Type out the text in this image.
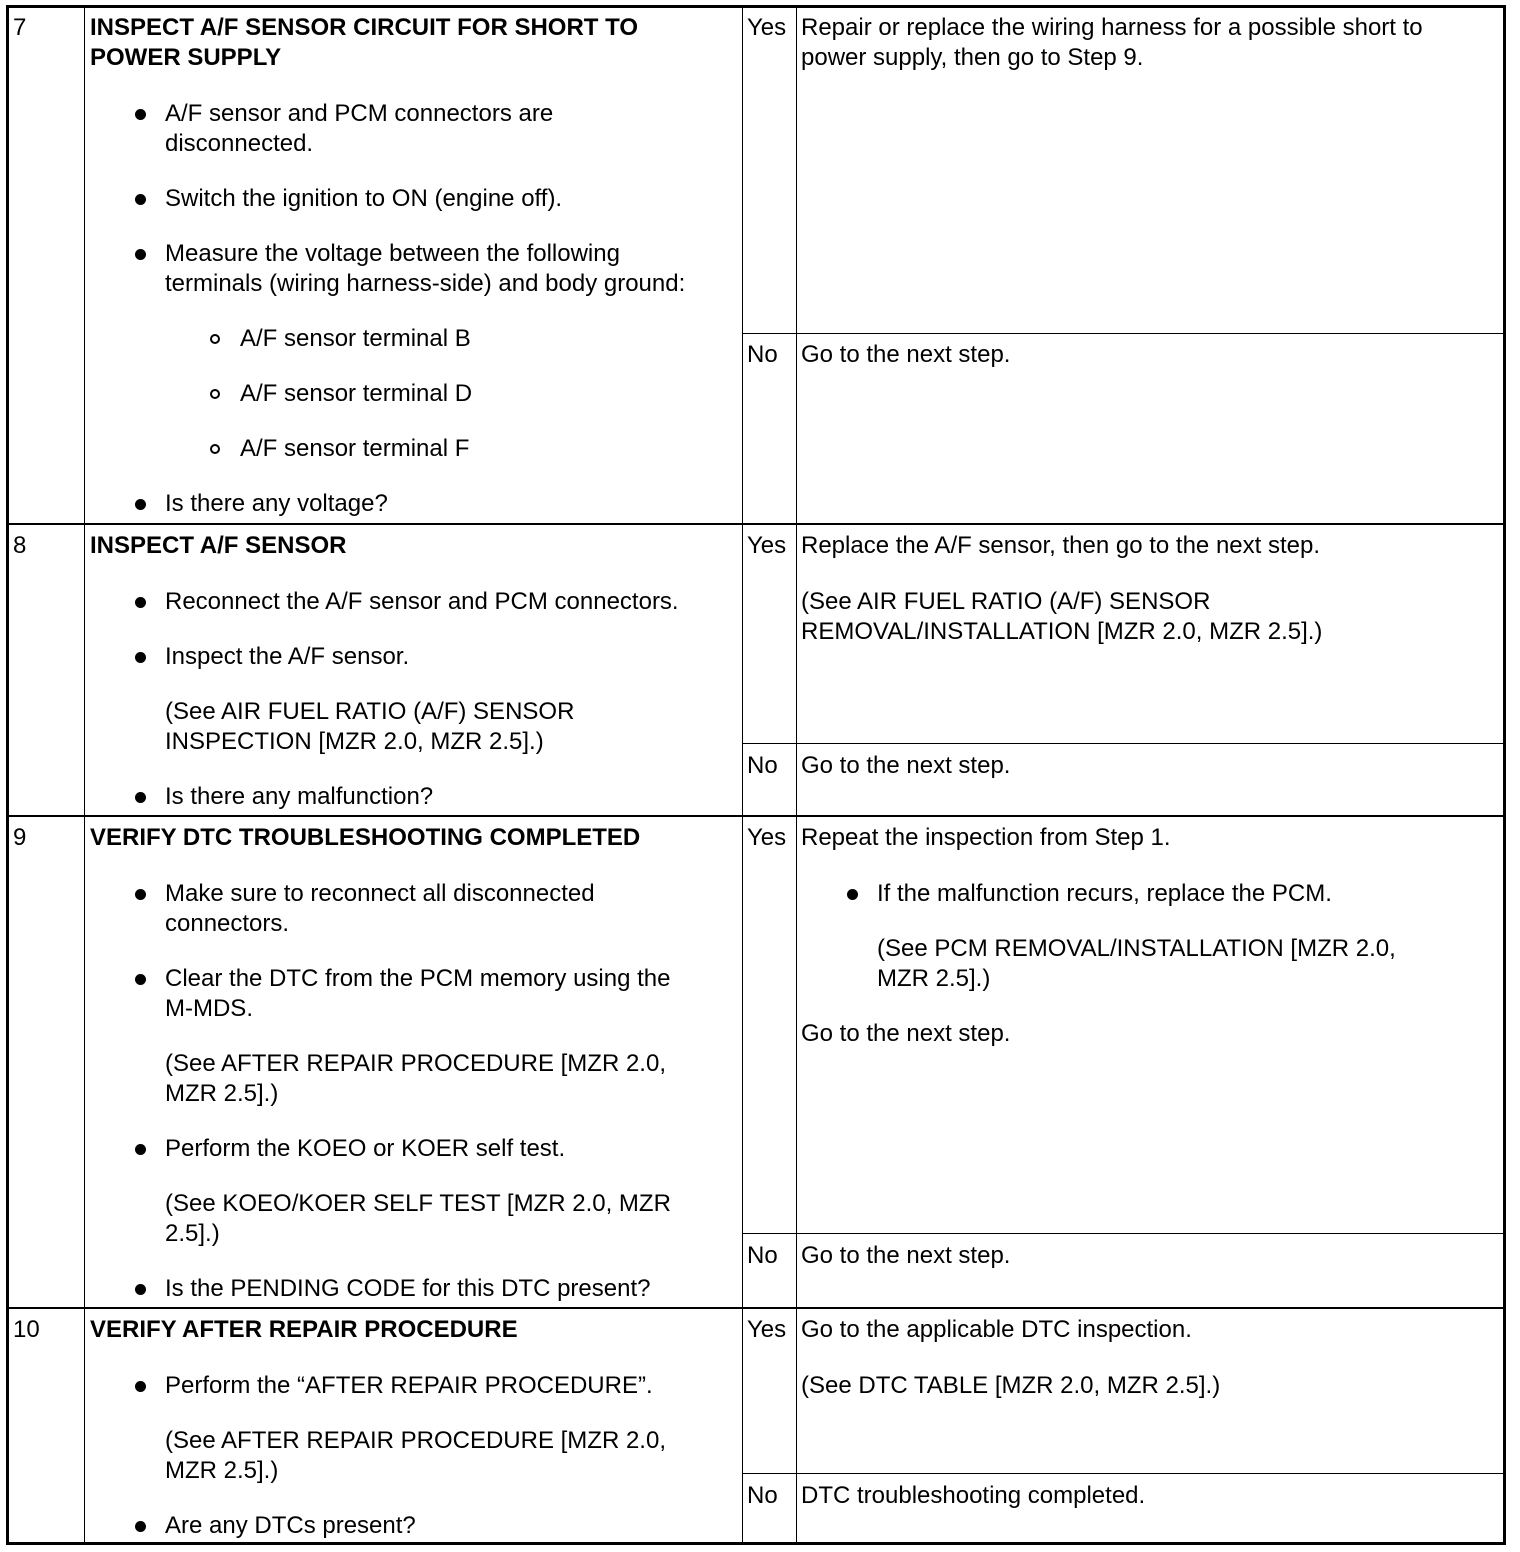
7	INSPECT A/F SENSOR CIRCUIT FOR SHORT TO
POWER SUPPLY
A/F sensor and PCM connectors are
disconnected.
Switch the ignition to ON (engine off).
Measure the voltage between the following
terminals (wiring harness-side) and body ground:
A/F sensor terminal B
A/F sensor terminal D
A/F sensor terminal F
Is there any voltage?
Yes Repair or replace the wiring harness for a possible short to
power supply, then go to Step 9.
No Go to the next step.
8	INSPECT A/F SENSOR
Reconnect the A/F sensor and PCM connectors.
Inspect the A/F sensor.
(See AIR FUEL RATIO (A/F) SENSOR
INSPECTION [MZR 2.0, MZR 2.5].)
Is there any malfunction?
Yes Replace the A/F sensor, then go to the next step.
(See AIR FUEL RATIO (A/F) SENSOR
REMOVAL/INSTALLATION [MZR 2.0, MZR 2.5].)
No Go to the next step.
9	VERIFY DTC TROUBLESHOOTING COMPLETED
Make sure to reconnect all disconnected
connectors.
Clear the DTC from the PCM memory using the
M-MDS.
(See AFTER REPAIR PROCEDURE [MZR 2.0,
MZR 2.5].)
Perform the KOEO or KOER self test.
(See KOEO/KOER SELF TEST [MZR 2.0, MZR
2.5].)
Is the PENDING CODE for this DTC present?
Yes Repeat the inspection from Step 1.
If the malfunction recurs, replace the PCM.
(See PCM REMOVAL/INSTALLATION [MZR 2.0,
MZR 2.5].)
Go to the next step.
No Go to the next step.
10 VERIFY AFTER REPAIR PROCEDURE
Perform the “AFTER REPAIR PROCEDURE”.
(See AFTER REPAIR PROCEDURE [MZR 2.0,
MZR 2.5].)
Are any DTCs present?
Yes Go to the applicable DTC inspection.
(See DTC TABLE [MZR 2.0, MZR 2.5].)
No DTC troubleshooting completed.
